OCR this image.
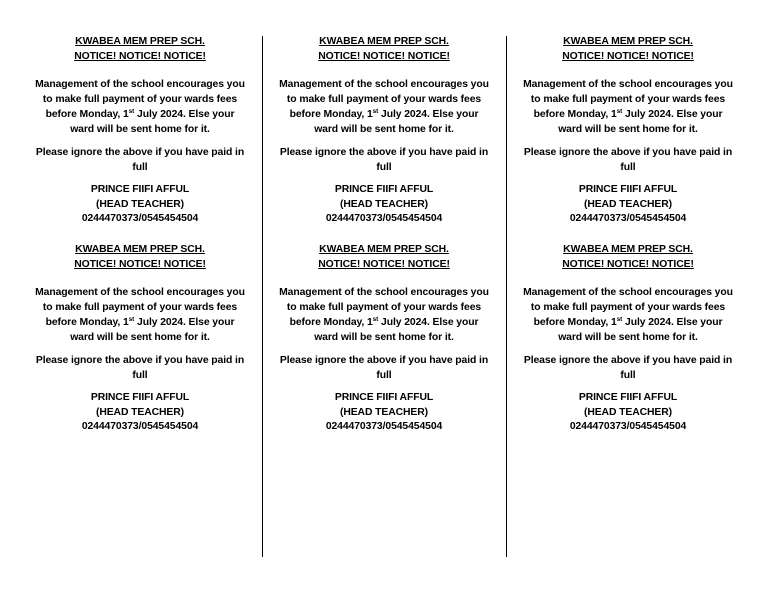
KWABEA MEM PREP SCH.
NOTICE! NOTICE! NOTICE!
Management of the school encourages you
to make full payment of your wards fees
before Monday, 1st July 2024. Else your
ward will be sent home for it.
Please ignore the above if you have paid in
full
PRINCE FIIFI AFFUL
(HEAD TEACHER)
0244470373/0545454504
KWABEA MEM PREP SCH.
NOTICE! NOTICE! NOTICE!
Management of the school encourages you
to make full payment of your wards fees
before Monday, 1st July 2024. Else your
ward will be sent home for it.
Please ignore the above if you have paid in
full
PRINCE FIIFI AFFUL
(HEAD TEACHER)
0244470373/0545454504
KWABEA MEM PREP SCH.
NOTICE! NOTICE! NOTICE!
Management of the school encourages you
to make full payment of your wards fees
before Monday, 1st July 2024. Else your
ward will be sent home for it.
Please ignore the above if you have paid in
full
PRINCE FIIFI AFFUL
(HEAD TEACHER)
0244470373/0545454504
KWABEA MEM PREP SCH.
NOTICE! NOTICE! NOTICE!
Management of the school encourages you
to make full payment of your wards fees
before Monday, 1st July 2024. Else your
ward will be sent home for it.
Please ignore the above if you have paid in
full
PRINCE FIIFI AFFUL
(HEAD TEACHER)
0244470373/0545454504
KWABEA MEM PREP SCH.
NOTICE! NOTICE! NOTICE!
Management of the school encourages you
to make full payment of your wards fees
before Monday, 1st July 2024. Else your
ward will be sent home for it.
Please ignore the above if you have paid in
full
PRINCE FIIFI AFFUL
(HEAD TEACHER)
0244470373/0545454504
KWABEA MEM PREP SCH.
NOTICE! NOTICE! NOTICE!
Management of the school encourages you
to make full payment of your wards fees
before Monday, 1st July 2024. Else your
ward will be sent home for it.
Please ignore the above if you have paid in
full
PRINCE FIIFI AFFUL
(HEAD TEACHER)
0244470373/0545454504
